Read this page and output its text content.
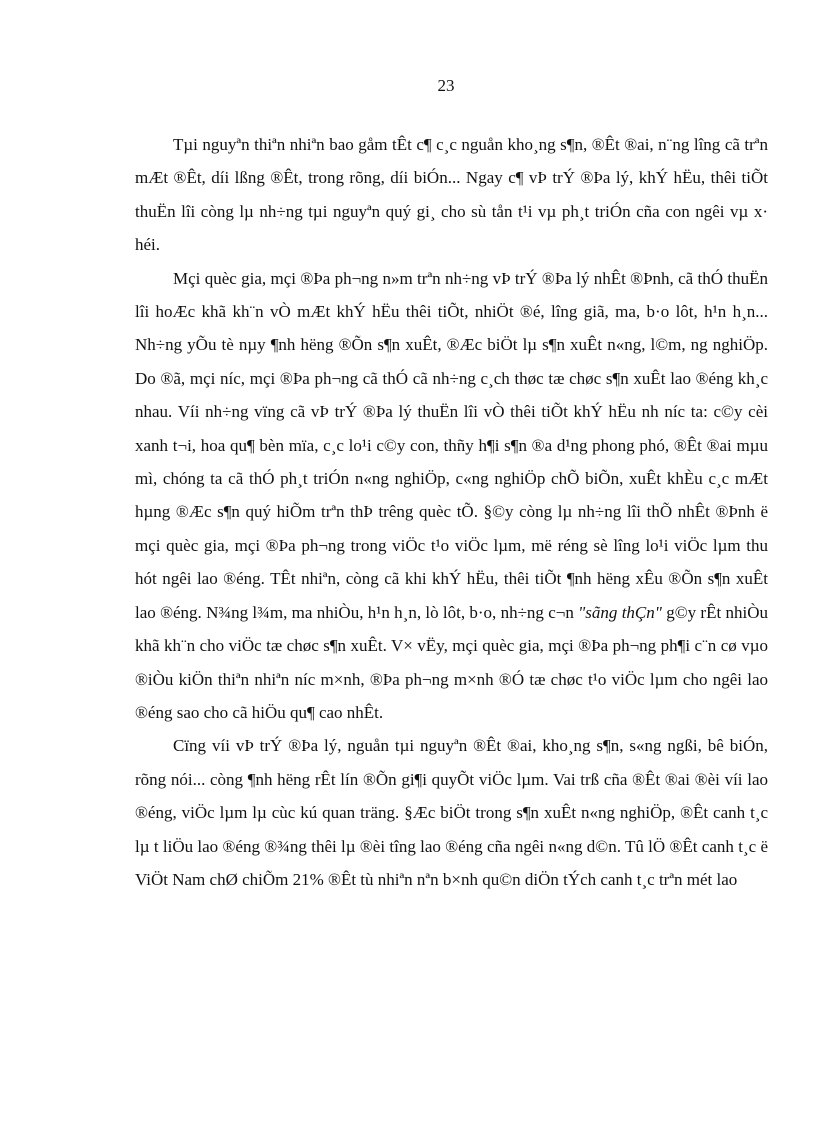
23

Tµi nguyªn thiªn nhiªn bao gåm tÊt c¶ c¸c nguån kho¸ng s¶n, ®Êt ®ai, n¨ng lîng cã trªn mÆt ®Êt, díi lßng ®Êt, trong rõng, díi biÓn... Ngay c¶ vÞ trÝ ®Þa lý, khÝ hËu, thêi tiÕt thuËn lîi còng lµ nh÷ng tµi nguyªn quý gi¸ cho sù tån t¹i vµ ph¸t triÓn cña con ngêi vµ x· héi.

Mçi quèc gia, mçi ®Þa ph¬ng n»m trªn nh÷ng vÞ trÝ ®Þa lý nhÊt ®Þnh, cã thÓ thuËn lîi hoÆc khã kh¨n vÒ mÆt khÝ hËu thêi tiÕt, nhiÖt ®é, lîng giã, ma, b·o lôt, h¹n h¸n... Nh÷ng yÕu tè nµy ¶nh hëng ®Õn s¶n xuÊt, ®Æc biÖt lµ s¶n xuÊt n«ng, l©m, ng nghiÖp. Do ®ã, mçi níc, mçi ®Þa ph¬ng cã thÓ cã nh÷ng c¸ch thøc tæ chøc s¶n xuÊt lao ®éng kh¸c nhau. Víi nh÷ng vïng cã vÞ trÝ ®Þa lý thuËn lîi vÒ thêi tiÕt khÝ hËu nh níc ta: c©y cèi xanh t¬i, hoa qu¶ bèn mïa, c¸c lo¹i c©y con, thñy h¶i s¶n ®a d¹ng phong phó, ®Êt ®ai mµu mì, chóng ta cã thÓ ph¸t triÓn n«ng nghiÖp, c«ng nghiÖp chÕ biÕn, xuÊt khÈu c¸c mÆt hµng ®Æc s¶n quý hiÕm trªn thÞ trêng quèc tÕ. §©y còng lµ nh÷ng lîi thÕ nhÊt ®Þnh ë mçi quèc gia, mçi ®Þa ph¬ng trong viÖc t¹o viÖc lµm, më réng sè lîng lo¹i viÖc lµm thu hót ngêi lao ®éng. TÊt nhiªn, còng cã khi khÝ hËu, thêi tiÕt ¶nh hëng xÊu ®Õn s¶n xuÊt lao ®éng. N¾ng l¾m, ma nhiÒu, h¹n h¸n, lò lôt, b·o, nh÷ng c¬n "sãng thÇn" g©y rÊt nhiÒu khã kh¨n cho viÖc tæ chøc s¶n xuÊt. V× vËy, mçi quèc gia, mçi ®Þa ph¬ng ph¶i c¨n cø vµo ®iÒu kiÖn thiªn nhiªn níc m×nh, ®Þa ph¬ng m×nh ®Ó tæ chøc t¹o viÖc lµm cho ngêi lao ®éng sao cho cã hiÖu qu¶ cao nhÊt.

Cïng víi vÞ trÝ ®Þa lý, nguån tµi nguyªn ®Êt ®ai, kho¸ng s¶n, s«ng ngßi, bê biÓn, rõng nói... còng ¶nh hëng rÊt lín ®Õn gi¶i quyÕt viÖc lµm. Vai trß cña ®Êt ®ai ®èi víi lao ®éng, viÖc lµm lµ cùc kú quan träng. §Æc biÖt trong s¶n xuÊt n«ng nghiÖp, ®Êt canh t¸c lµ t liÖu lao ®éng ®¾ng thêi lµ ®èi tîng lao ®éng cña ngêi n«ng d©n. Tû lÖ ®Êt canh t¸c ë ViÖt Nam chØ chiÕm 21% ®Êt tù nhiªn nªn b×nh qu©n diÖn tÝch canh t¸c trªn mét lao
